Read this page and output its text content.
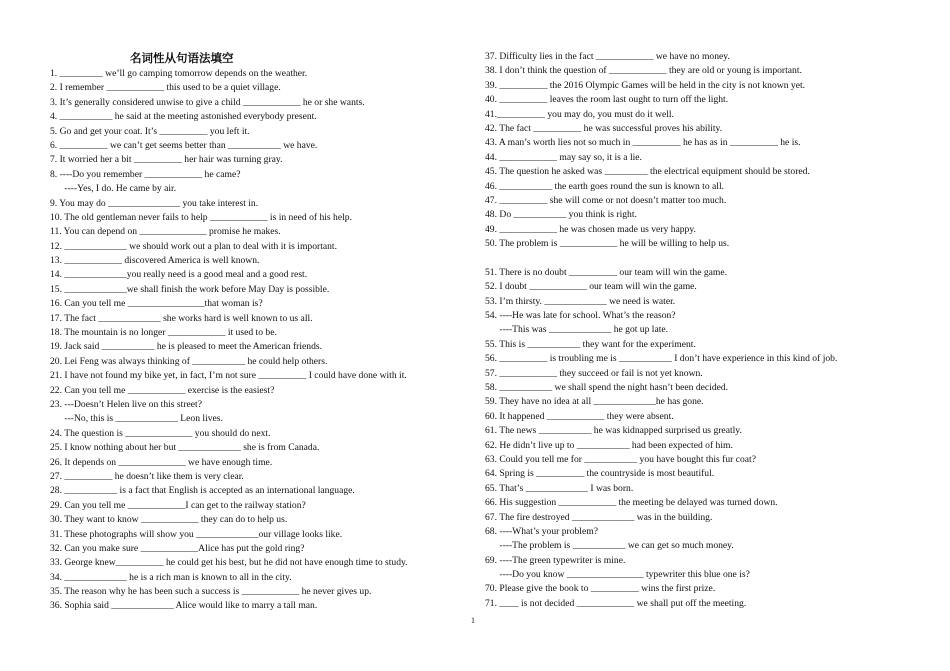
名词性从句语法填空
1. _________ we’ll go camping tomorrow depends on the weather.
2. I remember ____________ this used to be a quiet village.
3. It’s generally considered unwise to give a child ____________ he or she wants.
4. ___________ he said at the meeting astonished everybody present.
5. Go and get your coat. It’s __________ you left it.
6. __________ we can’t get seems better than ___________ we have.
7. It worried her a bit __________ her hair was turning gray.
8. ----Do you remember ____________ he came?
----Yes, I do. He came by air.
9. You may do _______________ you take interest in.
10. The old gentleman never fails to help ____________ is in need of his help.
11. You can depend on ______________ promise he makes.
12. _____________ we should work out a plan to deal with it is important.
13. ____________ discovered America is well known.
14. _____________you really need is a good meal and a good rest.
15. _____________we shall finish the work before May Day is possible.
16. Can you tell me ________________that woman is?
17. The fact _____________ she works hard is well known to us all.
18. The mountain is no longer ____________ it used to be.
19. Jack said ___________ he is pleased to meet the American friends.
20. Lei Feng was always thinking of ___________ he could help others.
21. I have not found my bike yet, in fact, I’m not sure __________ I could have done with it.
22. Can you tell me ____________ exercise is the easiest?
23. ---Doesn’t Helen live on this street?
---No, this is _____________ Leon lives.
24. The question is ______________ you should do next.
25. I know nothing about her but _____________ she is from Canada.
26. It depends on ______________ we have enough time.
27. __________ he doesn’t like them is very clear.
28. ___________ is a fact that English is accepted as an international language.
29. Can you tell me ____________I can get to the railway station?
30. They want to know ____________ they can do to help us.
31. These photographs will show you _____________our village looks like.
32. Can you make sure ____________Alice has put the gold ring?
33. George knew__________ he could get his best, but he did not have enough time to study.
34. _____________ he is a rich man is known to all in the city.
35. The reason why he has been such a success is ____________ he never gives up.
36. Sophia said _____________ Alice would like to marry a tall man.
37. Difficulty lies in the fact ____________ we have no money.
38. I don’t think the question of ____________ they are old or young is important.
39. __________ the 2016 Olympic Games will be held in the city is not known yet.
40. __________ leaves the room last ought to turn off the light.
41.__________ you may do, you must do it well.
42. The fact __________ he was successful proves his ability.
43. A man’s worth lies not so much in __________ he has as in __________ he is.
44. ____________ may say so, it is a lie.
45. The question he asked was _________ the electrical equipment should be stored.
46. ___________ the earth goes round the sun is known to all.
47. __________ she will come or not doesn’t matter too much.
48. Do ___________ you think is right.
49. ____________ he was chosen made us very happy.
50. The problem is ____________ he will be willing to help us.
51. There is no doubt __________ our team will win the game.
52. I doubt ____________ our team will win the game.
53. I’m thirsty. _____________ we need is water.
54. ----He was late for school. What’s the reason?
----This was _____________ he got up late.
55. This is ___________ they want for the experiment.
56. __________ is troubling me is ___________ I don’t have experience in this kind of job.
57. ____________ they succeed or fail is not yet known.
58. ___________ we shall spend the night hasn’t been decided.
59. They have no idea at all _____________he has gone.
60. It happened ____________ they were absent.
61. The news ___________ he was kidnapped surprised us greatly.
62. He didn’t live up to ___________ had been expected of him.
63. Could you tell me for ___________ you have bought this fur coat?
64. Spring is __________ the countryside is most beautiful.
65. That’s _____________ I was born.
66. His suggestion ____________ the meeting be delayed was turned down.
67. The fire destroyed _____________ was in the building.
68. ----What’s your problem?
----The problem is ___________ we can get so much money.
69. ----The green typewriter is mine.
----Do you know ________________ typewriter this blue one is?
70. Please give the book to __________ wins the first prize.
71. ____ is not decided ____________ we shall put off the meeting.
1
